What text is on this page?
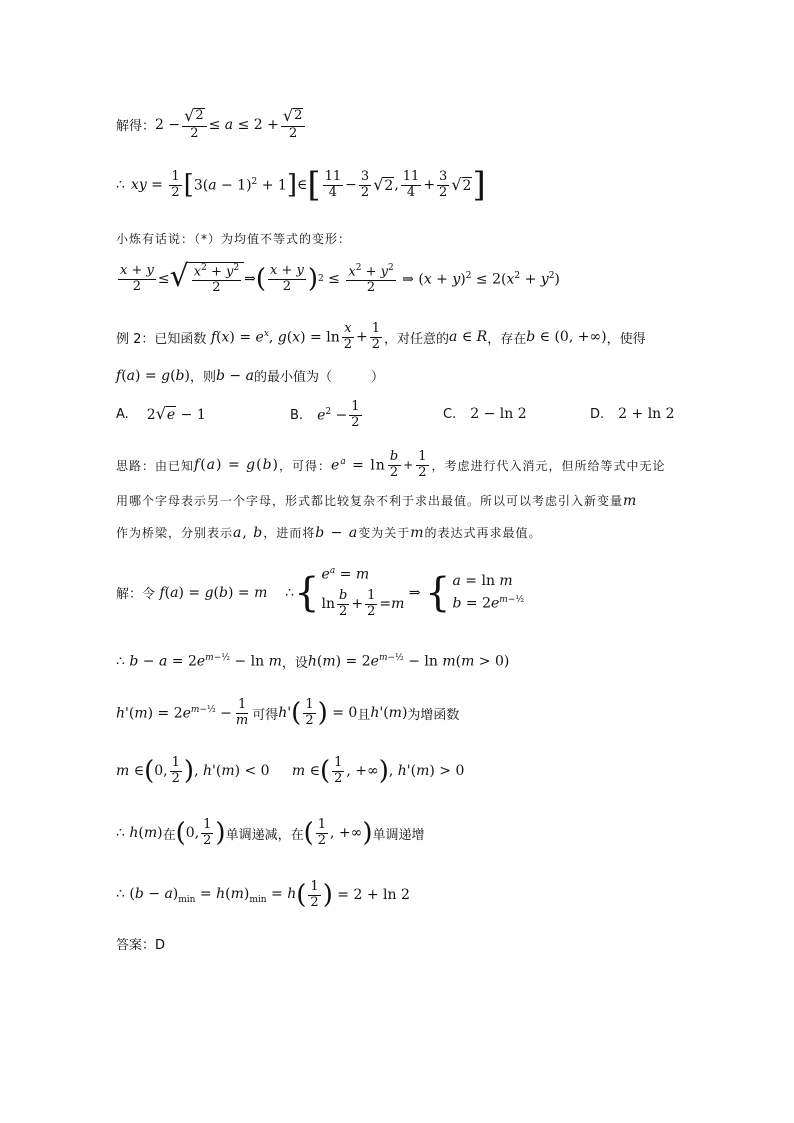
解得： $2 - \frac{√ 2}{2} \le a \le 2 + \frac{√ 2}{2}$
∴ xy = $\frac{1}{2}$ [ $3(a - 1)^2 + 1$ ] ∈ [ $\frac{11}{4} - \frac{3}{2}$ √ 2 , $\frac{11}{4} + \frac{3}{2}$ √ 2 ]
小炼有话说：（*）为均值不等式的变形：
$\frac{x + y}{2}$ ≤ √ $\frac{x^2 + y^2}{2}$ ⇒ ( $\frac{x + y}{2}$ ) $2 \le \frac{x^2 + y^2}{2}$ ⇒ $(x + y)^2 \le 2(x^2 + y^2)$
例 2：已知函数 $f(x) = e^x$, $g(x) = \ln \frac{x}{2} + \frac{1}{2}$ ，对任意的 a ∈ R ，存在 b ∈ (0, +∞) ，使得
f(a) = g(b) ，则 b − a 的最小值为（　　　）
A. 2 √ e − 1	B. $e^2 - \frac{1}{2}$	C. 2 − ln 2	D. 2 + ln 2
思路：由已知 f(a) = g(b) ，可得： $e^a = \ln \frac{b}{2} + \frac{1}{2}$ ，考虑进行代入消元，但所给等式中无论
用哪个字母表示另一个字母，形式都比较复杂不利于求出最值。所以可以考虑引入新变量 m
作为桥梁，分别表示 a, b ，进而将 b − a 变为关于 m 的表达式再求最值。
解：令 f(a) = g(b) = m    ∴ { $e^a = m$
$\ln \frac{b}{2} + \frac{1}{2} = m$
⇒ { a = ln m
$b = 2e^{m-\frac{1}{2}}$
∴ $b - a = 2e^{m-\frac{1}{2}} - \ln m$ ，设 $h(m) = 2e^{m-\frac{1}{2}} - \ln m(m > 0)$
$h'(m) = 2e^{m-\frac{1}{2}} - \frac{1}{m}$ 可得 h' ( $\frac{1}{2}$ ) = 0 且 h'(m) 为增函数
m ∈ ( 0, $\frac{1}{2}$ ) , h'(m) < 0     m ∈ ( $\frac{1}{2}$ , +∞ ) , h'(m) > 0
∴ h(m) 在 ( 0, $\frac{1}{2}$ ) 单调递减，在 ( $\frac{1}{2}$ , +∞ ) 单调递增
∴ $(b - a)_{min} = h(m)_{min} = h$ ( $\frac{1}{2}$ ) = 2 + ln 2
答案：D
